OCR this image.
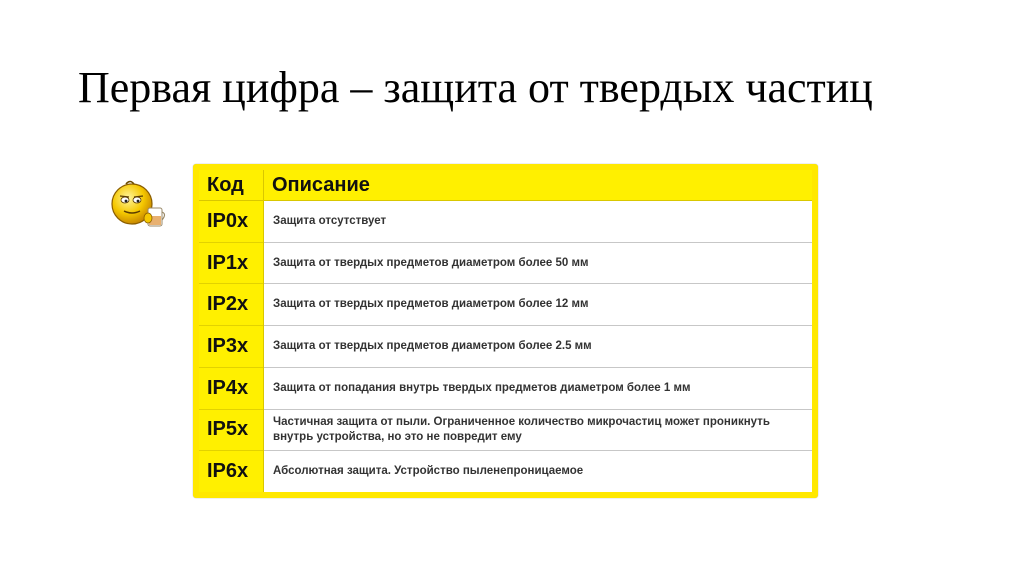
Первая цифра – защита от твердых частиц
Код	Описание
IP0x	Защита отсутствует
IP1x	Защита от твердых предметов диаметром более 50 мм
IP2x	Защита от твердых предметов диаметром более 12 мм
IP3x	Защита от твердых предметов диаметром более 2.5 мм
IP4x	Защита от попадания внутрь твердых предметов диаметром более 1 мм
IP5x	Частичная защита от пыли. Ограниченное количество микрочастиц может проникнуть внутрь устройства, но это не повредит ему
IP6x	Абсолютная защита. Устройство пыленепроницаемое
